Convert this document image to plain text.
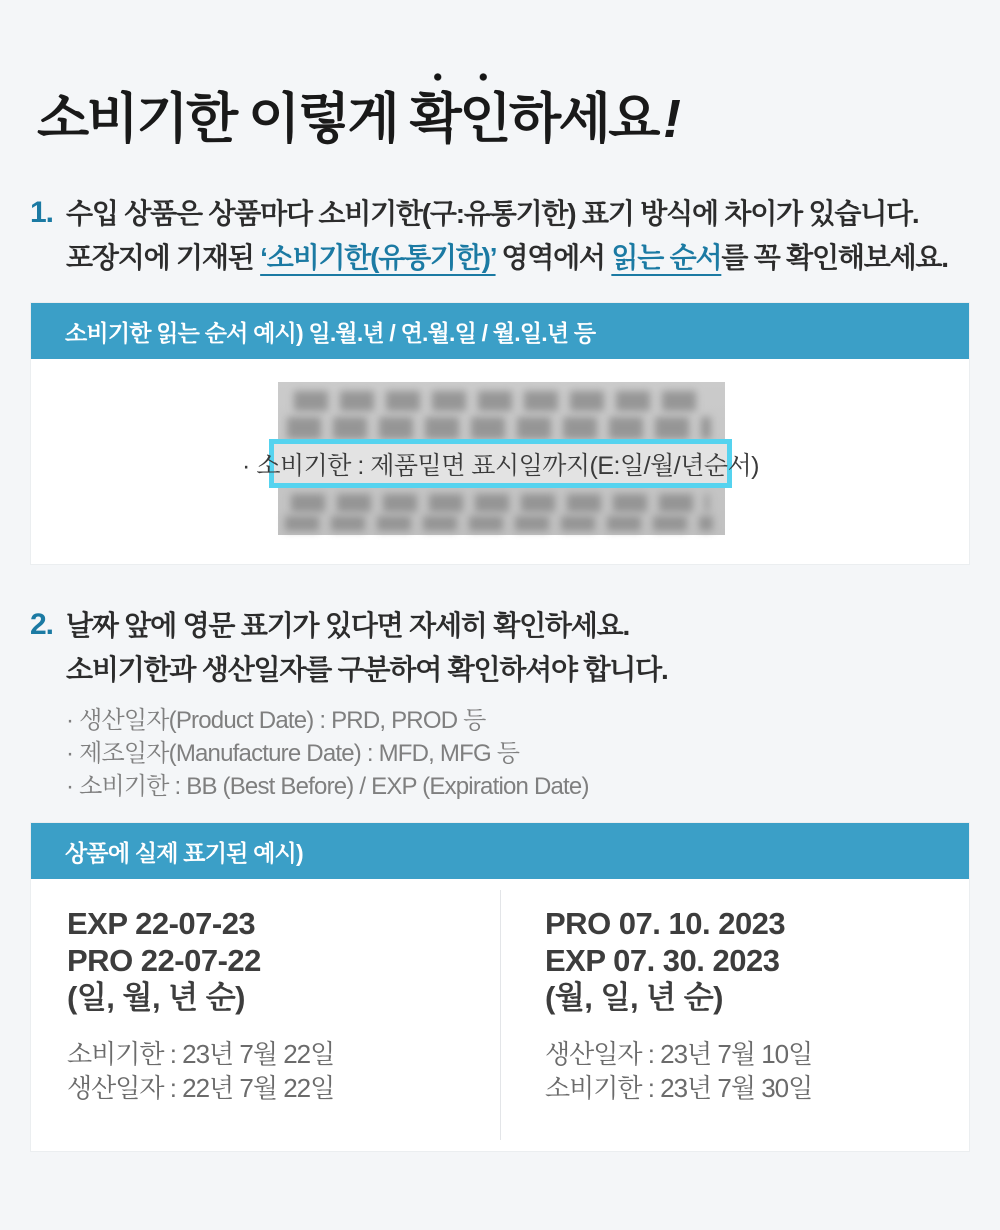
소비기한 이렇게 확인하세요!
1. 수입 상품은 상품마다 소비기한(구:유통기한) 표기 방식에 차이가 있습니다.

포장지에 기재된 ‘소비기한(유통기한)’ 영역에서 읽는 순서를 꼭 확인해보세요.

소비기한 읽는 순서 예시) 일.월.년 / 연.월.일 / 월.일.년 등
· 소비기한 : 제품밑면 표시일까지(E:일/월/년순서)
2. 날짜 앞에 영문 표기가 있다면 자세히 확인하세요.

소비기한과 생산일자를 구분하여 확인하셔야 합니다.

· 생산일자(Product Date) : PRD, PROD 등
· 제조일자(Manufacture Date) : MFD, MFG 등
· 소비기한 : BB (Best Before) / EXP (Expiration Date)
상품에 실제 표기된 예시)

EXP 22-07-23

PRO 22-07-22

(일, 월, 년 순)

소비기한 : 23년 7월 22일

생산일자 : 22년 7월 22일

PRO 07. 10. 2023

EXP 07. 30. 2023

(월, 일, 년 순)

생산일자 : 23년 7월 10일

소비기한 : 23년 7월 30일
